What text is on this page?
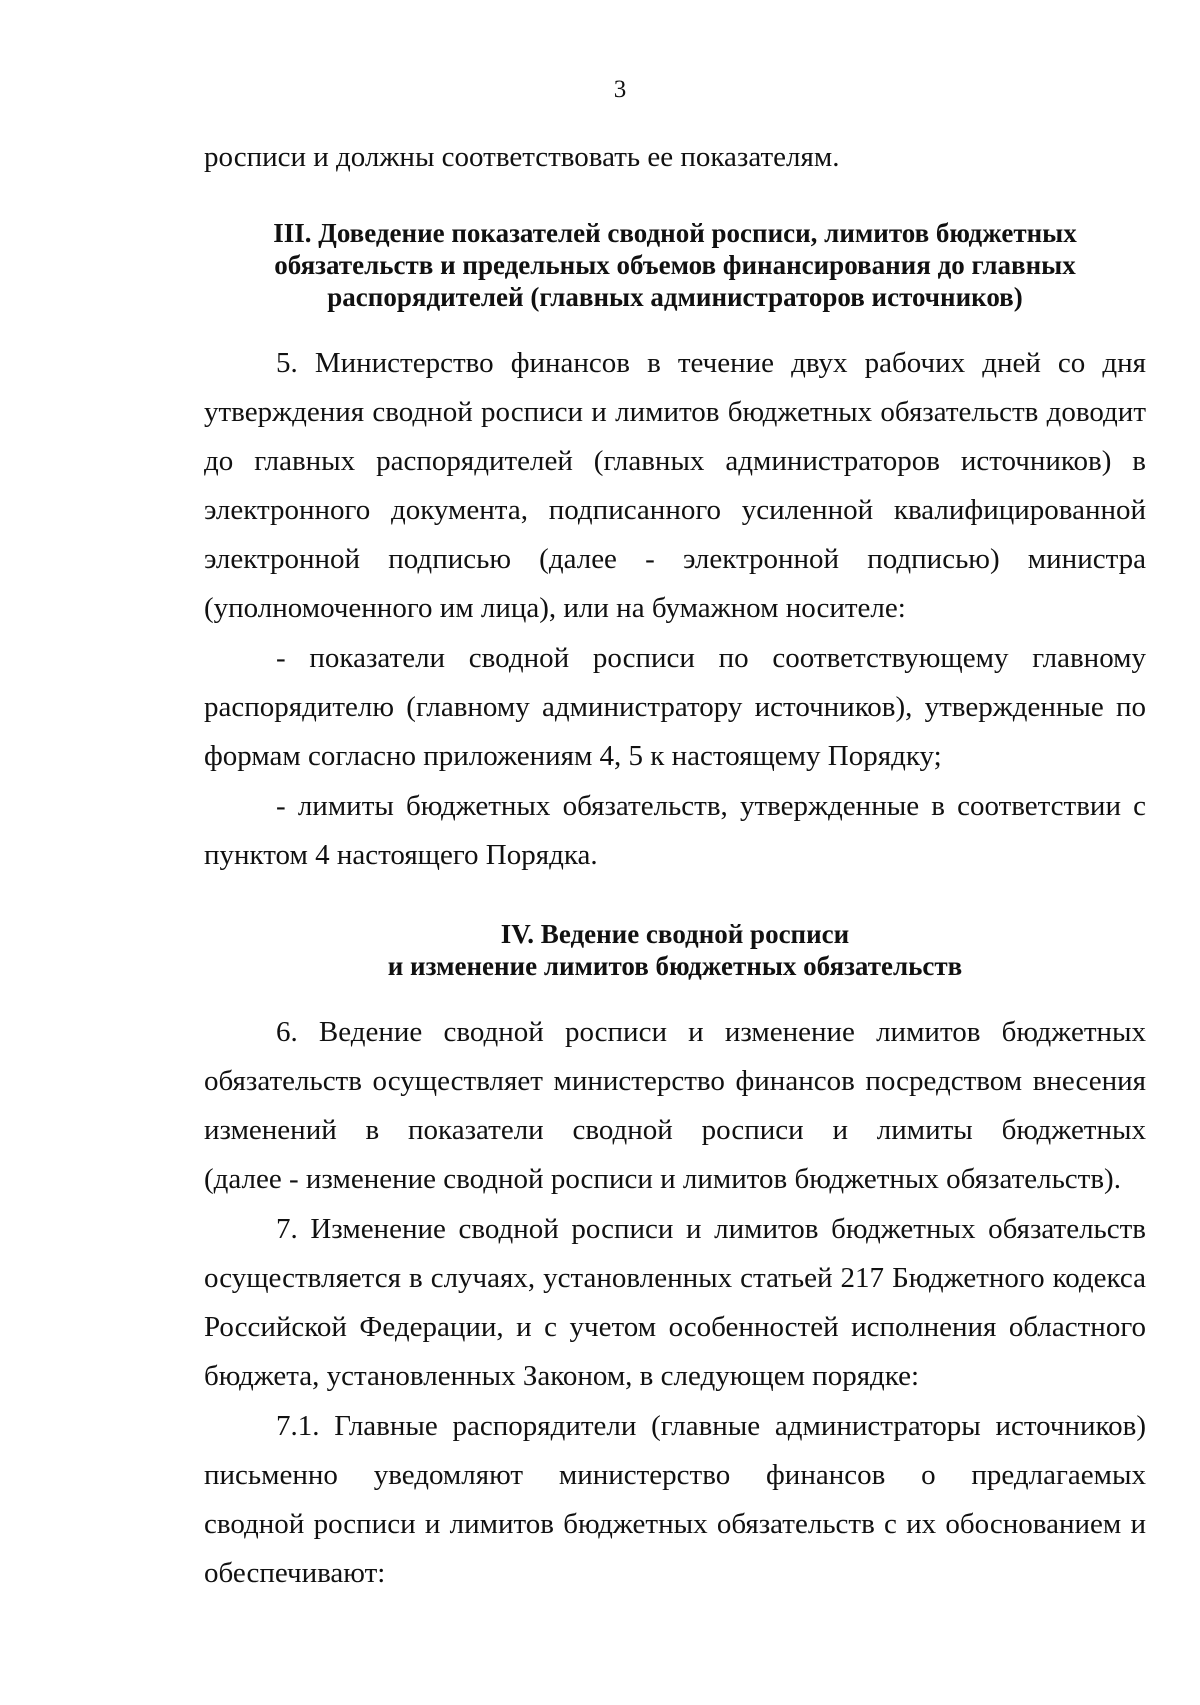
3
росписи и должны соответствовать ее показателям.
III. Доведение показателей сводной росписи, лимитов бюджетных
обязательств и предельных объемов финансирования до главных
распорядителей (главных администраторов источников)
5. Министерство финансов в течение двух рабочих дней со дня
утверждения сводной росписи и лимитов бюджетных обязательств доводит
до главных распорядителей (главных администраторов источников) в
электронного документа, подписанного усиленной квалифицированной
электронной подписью (далее - электронной подписью) министра
(уполномоченного им лица), или на бумажном носителе:
- показатели сводной росписи по соответствующему главному
распорядителю (главному администратору источников), утвержденные по
формам согласно приложениям 4, 5 к настоящему Порядку;
- лимиты бюджетных обязательств, утвержденные в соответствии с
пунктом 4 настоящего Порядка.
IV. Ведение сводной росписи
и изменение лимитов бюджетных обязательств
6. Ведение сводной росписи и изменение лимитов бюджетных
обязательств осуществляет министерство финансов посредством внесения
изменений в показатели сводной росписи и лимиты бюджетных
(далее - изменение сводной росписи и лимитов бюджетных обязательств).
7. Изменение сводной росписи и лимитов бюджетных обязательств
осуществляется в случаях, установленных статьей 217 Бюджетного кодекса
Российской Федерации, и с учетом особенностей исполнения областного
бюджета, установленных Законом, в следующем порядке:
7.1. Главные распорядители (главные администраторы источников)
письменно уведомляют министерство финансов о предлагаемых
сводной росписи и лимитов бюджетных обязательств с их обоснованием и
обеспечивают:
